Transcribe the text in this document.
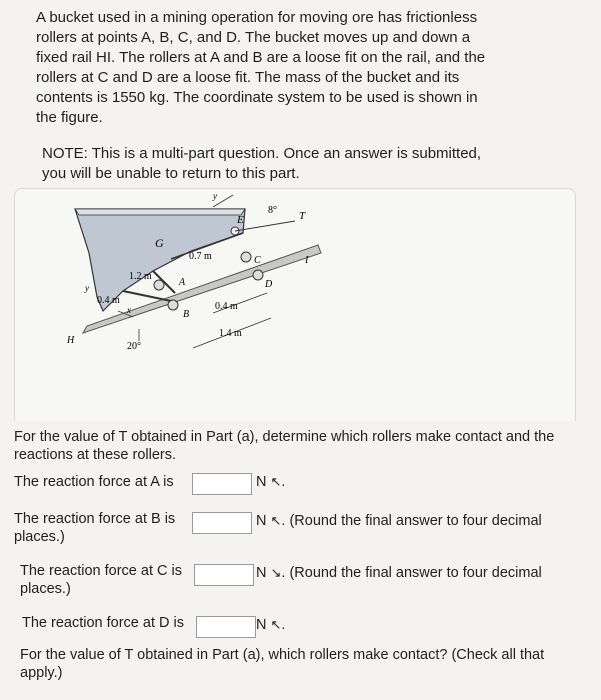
A bucket used in a mining operation for moving ore has frictionless
rollers at points A, B, C, and D. The bucket moves up and down a
fixed rail HI. The rollers at A and B are a loose fit on the rail, and the
rollers at C and D are a loose fit. The mass of the bucket and its
contents is 1550 kg. The coordinate system to be used is shown in
the figure.
NOTE: This is a multi-part question. Once an answer is submitted,
you will be unable to return to this part.
G
E	T
C
D
A
B
H
I
x
y
y
8°
20°
1.2 m
0.4 m
0.7 m
0.4 m
1.4 m
For the value of T obtained in Part (a), determine which rollers make contact and the
reactions at these rollers.
The reaction force at A is	N ↖.
The reaction force at B is	N ↖. (Round the final answer to four decimal
places.)
The reaction force at C is	N ↘. (Round the final answer to four decimal
places.)
The reaction force at D is	N ↖.
For the value of T obtained in Part (a), which rollers make contact? (Check all that apply.)
